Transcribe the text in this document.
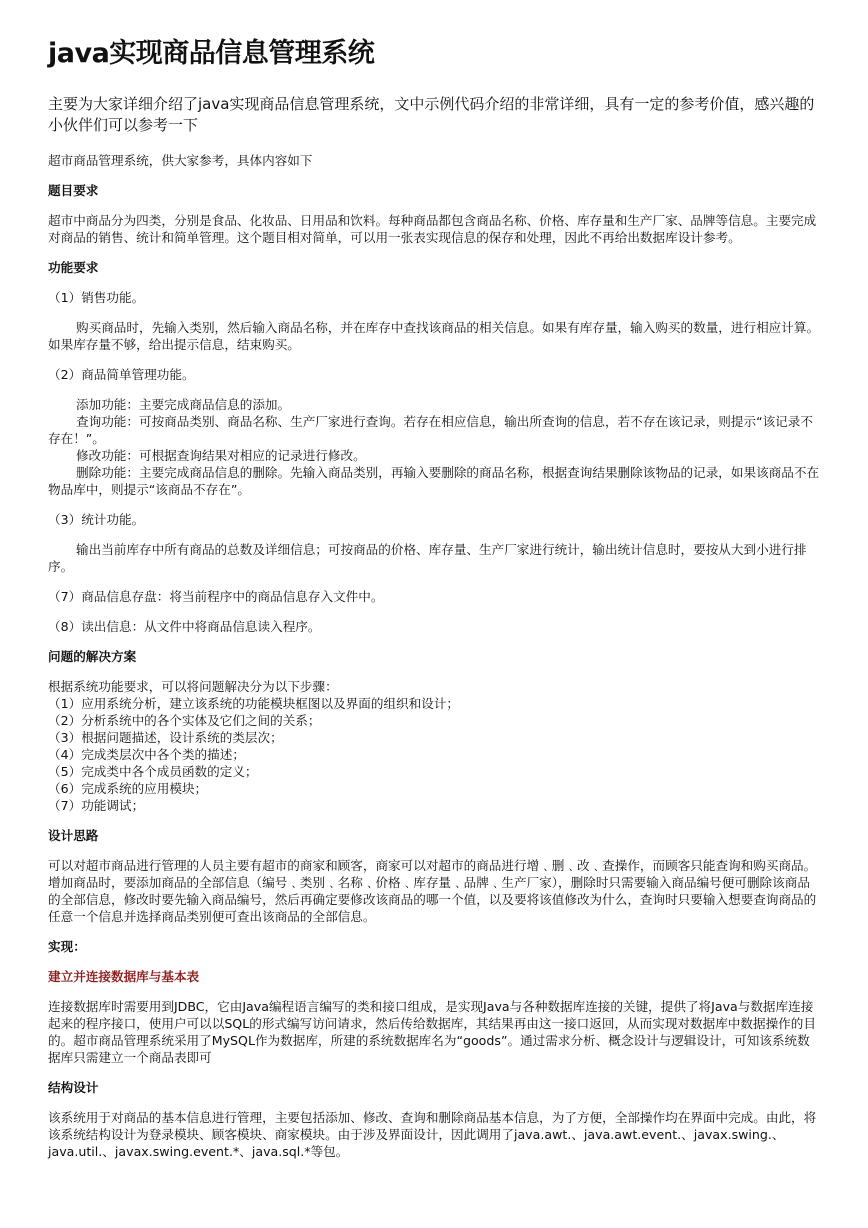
java实现商品信息管理系统
主要为大家详细介绍了java实现商品信息管理系统，文中示例代码介绍的非常详细，具有一定的参考价值，感兴趣的小伙伴们可以参考一下

超市商品管理系统，供大家参考，具体内容如下

题目要求

超市中商品分为四类，分别是食品、化妆品、日用品和饮料。每种商品都包含商品名称、价格、库存量和生产厂家、品牌等信息。主要完成对商品的销售、统计和简单管理。这个题目相对简单，可以用一张表实现信息的保存和处理，因此不再给出数据库设计参考。

功能要求

（1）销售功能。

购买商品时，先输入类别，然后输入商品名称，并在库存中查找该商品的相关信息。如果有库存量，输入购买的数量，进行相应计算。如果库存量不够，给出提示信息，结束购买。

（2）商品简单管理功能。

添加功能：主要完成商品信息的添加。
查询功能：可按商品类别、商品名称、生产厂家进行查询。若存在相应信息，输出所查询的信息，若不存在该记录，则提示“该记录不存在！”。
修改功能：可根据查询结果对相应的记录进行修改。
删除功能：主要完成商品信息的删除。先输入商品类别，再输入要删除的商品名称，根据查询结果删除该物品的记录，如果该商品不在物品库中，则提示“该商品不存在”。

（3）统计功能。

输出当前库存中所有商品的总数及详细信息；可按商品的价格、库存量、生产厂家进行统计，输出统计信息时，要按从大到小进行排序。

（7）商品信息存盘：将当前程序中的商品信息存入文件中。

（8）读出信息：从文件中将商品信息读入程序。

问题的解决方案
根据系统功能要求，可以将问题解决分为以下步骤：
（1）应用系统分析，建立该系统的功能模块框图以及界面的组织和设计；
（2）分析系统中的各个实体及它们之间的关系；
（3）根据问题描述，设计系统的类层次；
（4）完成类层次中各个类的描述；
（5）完成类中各个成员函数的定义；
（6）完成系统的应用模块；
（7）功能调试；
设计思路

可以对超市商品进行管理的人员主要有超市的商家和顾客，商家可以对超市的商品进行增﹑删﹑改﹑查操作，而顾客只能查询和购买商品。增加商品时，要添加商品的全部信息（编号﹑类别﹑名称﹑价格﹑库存量﹑品牌﹑生产厂家），删除时只需要输入商品编号便可删除该商品的全部信息，修改时要先输入商品编号，然后再确定要修改该商品的哪一个值，以及要将该值修改为什么，查询时只要输入想要查询商品的任意一个信息并选择商品类别便可查出该商品的全部信息。

实现：
建立并连接数据库与基本表

连接数据库时需要用到JDBC，它由Java编程语言编写的类和接口组成，是实现Java与各种数据库连接的关键，提供了将Java与数据库连接起来的程序接口，使用户可以以SQL的形式编写访问请求，然后传给数据库，其结果再由这一接口返回，从而实现对数据库中数据操作的目的。超市商品管理系统采用了MySQL作为数据库，所建的系统数据库名为“goods”。通过需求分析、概念设计与逻辑设计，可知该系统数据库只需建立一个商品表即可

结构设计

该系统用于对商品的基本信息进行管理，主要包括添加、修改、查询和删除商品基本信息，为了方便，全部操作均在界面中完成。由此，将该系统结构设计为登录模块、顾客模块、商家模块。由于涉及界面设计，因此调用了java.awt.、java.awt.event.、javax.swing.、java.util.、javax.swing.event.*、java.sql.*等包。
